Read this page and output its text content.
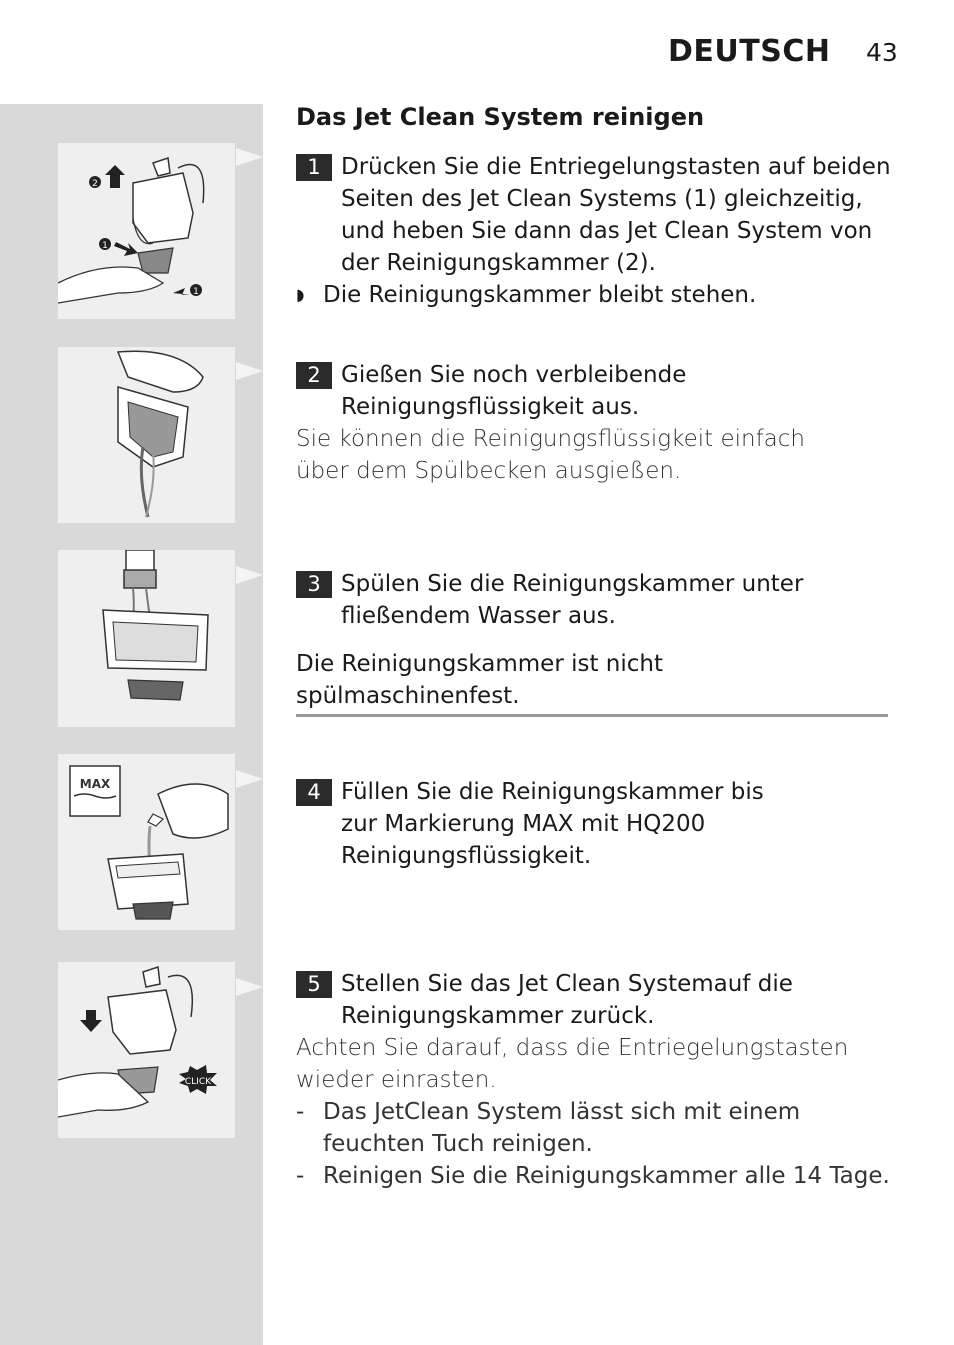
DEUTSCH 43
Das Jet Clean System reinigen
2
1
1
MAX
CLICK
1 Drücken Sie die Entriegelungstasten auf beiden Seiten des Jet Clean Systems (1) gleichzeitig, und heben Sie dann das Jet Clean System von der Reinigungskammer (2).
◗ Die Reinigungskammer bleibt stehen.
2 Gießen Sie noch verbleibende Reinigungsflüssigkeit aus.

Sie können die Reinigungsflüssigkeit einfach über dem Spülbecken ausgießen.

3 Spülen Sie die Reinigungskammer unter fließendem Wasser aus.
Die Reinigungskammer ist nicht spülmaschinenfest.
4 Füllen Sie die Reinigungskammer bis zur Markierung MAX mit HQ200 Reinigungsflüssigkeit.
5 Stellen Sie das Jet Clean Systemauf die Reinigungskammer zurück.

Achten Sie darauf, dass die Entriegelungstasten wieder einrasten.

- Das JetClean System lässt sich mit einem feuchten Tuch reinigen.
- Reinigen Sie die Reinigungskammer alle 14 Tage.
